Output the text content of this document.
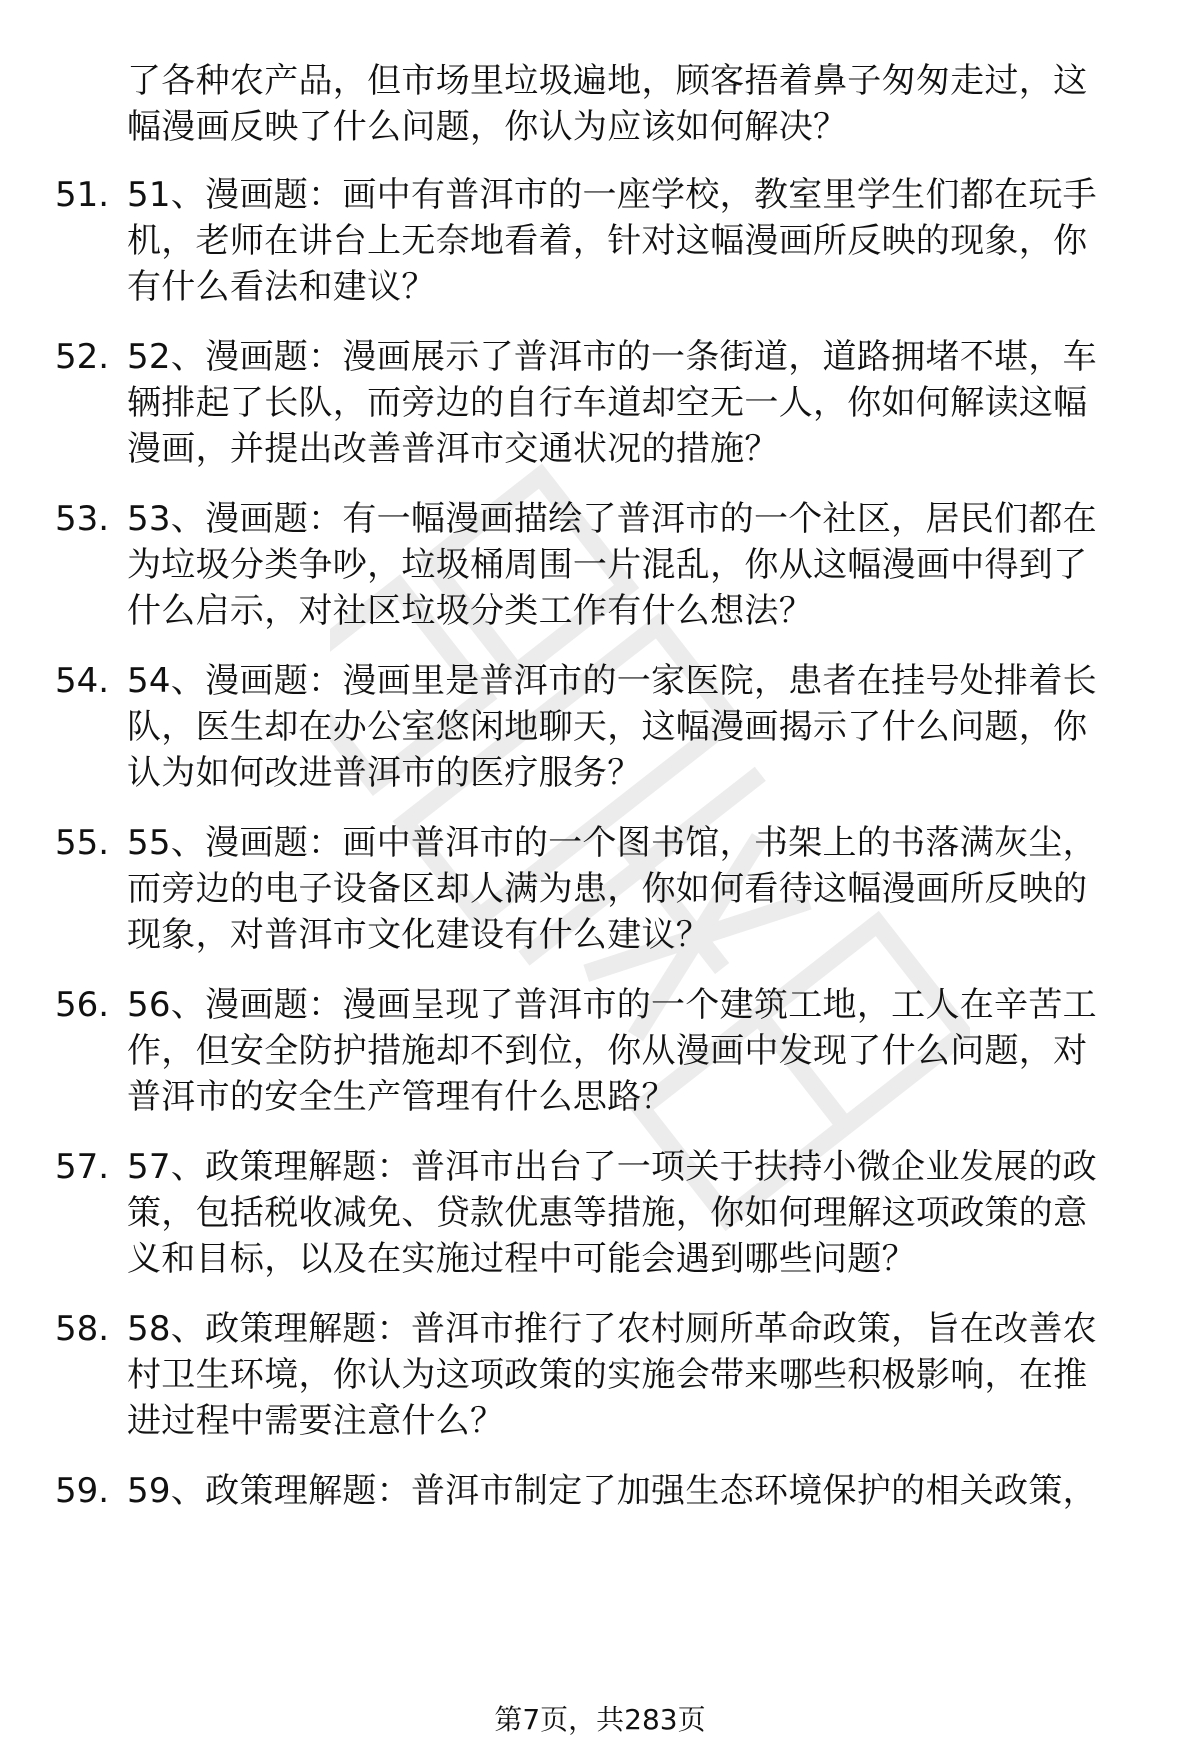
了各种农产品，但市场里垃圾遍地，顾客捂着鼻子匆匆走过，这
幅漫画反映了什么问题，你认为应该如何解决？
51. 51、漫画题：画中有普洱市的一座学校，教室里学生们都在玩手
机，老师在讲台上无奈地看着，针对这幅漫画所反映的现象，你
有什么看法和建议？
52. 52、漫画题：漫画展示了普洱市的一条街道，道路拥堵不堪，车
辆排起了长队，而旁边的自行车道却空无一人，你如何解读这幅
漫画，并提出改善普洱市交通状况的措施？
53. 53、漫画题：有一幅漫画描绘了普洱市的一个社区，居民们都在
为垃圾分类争吵，垃圾桶周围一片混乱，你从这幅漫画中得到了
什么启示，对社区垃圾分类工作有什么想法？
54. 54、漫画题：漫画里是普洱市的一家医院，患者在挂号处排着长
队，医生却在办公室悠闲地聊天，这幅漫画揭示了什么问题，你
认为如何改进普洱市的医疗服务？
55. 55、漫画题：画中普洱市的一个图书馆，书架上的书落满灰尘，
而旁边的电子设备区却人满为患，你如何看待这幅漫画所反映的
现象，对普洱市文化建设有什么建议？
56. 56、漫画题：漫画呈现了普洱市的一个建筑工地，工人在辛苦工
作，但安全防护措施却不到位，你从漫画中发现了什么问题，对
普洱市的安全生产管理有什么思路？
57. 57、政策理解题：普洱市出台了一项关于扶持小微企业发展的政
策，包括税收减免、贷款优惠等措施，你如何理解这项政策的意
义和目标，以及在实施过程中可能会遇到哪些问题？
58. 58、政策理解题：普洱市推行了农村厕所革命政策，旨在改善农
村卫生环境，你认为这项政策的实施会带来哪些积极影响，在推
进过程中需要注意什么？
59. 59、政策理解题：普洱市制定了加强生态环境保护的相关政策，
第7页，共283页
